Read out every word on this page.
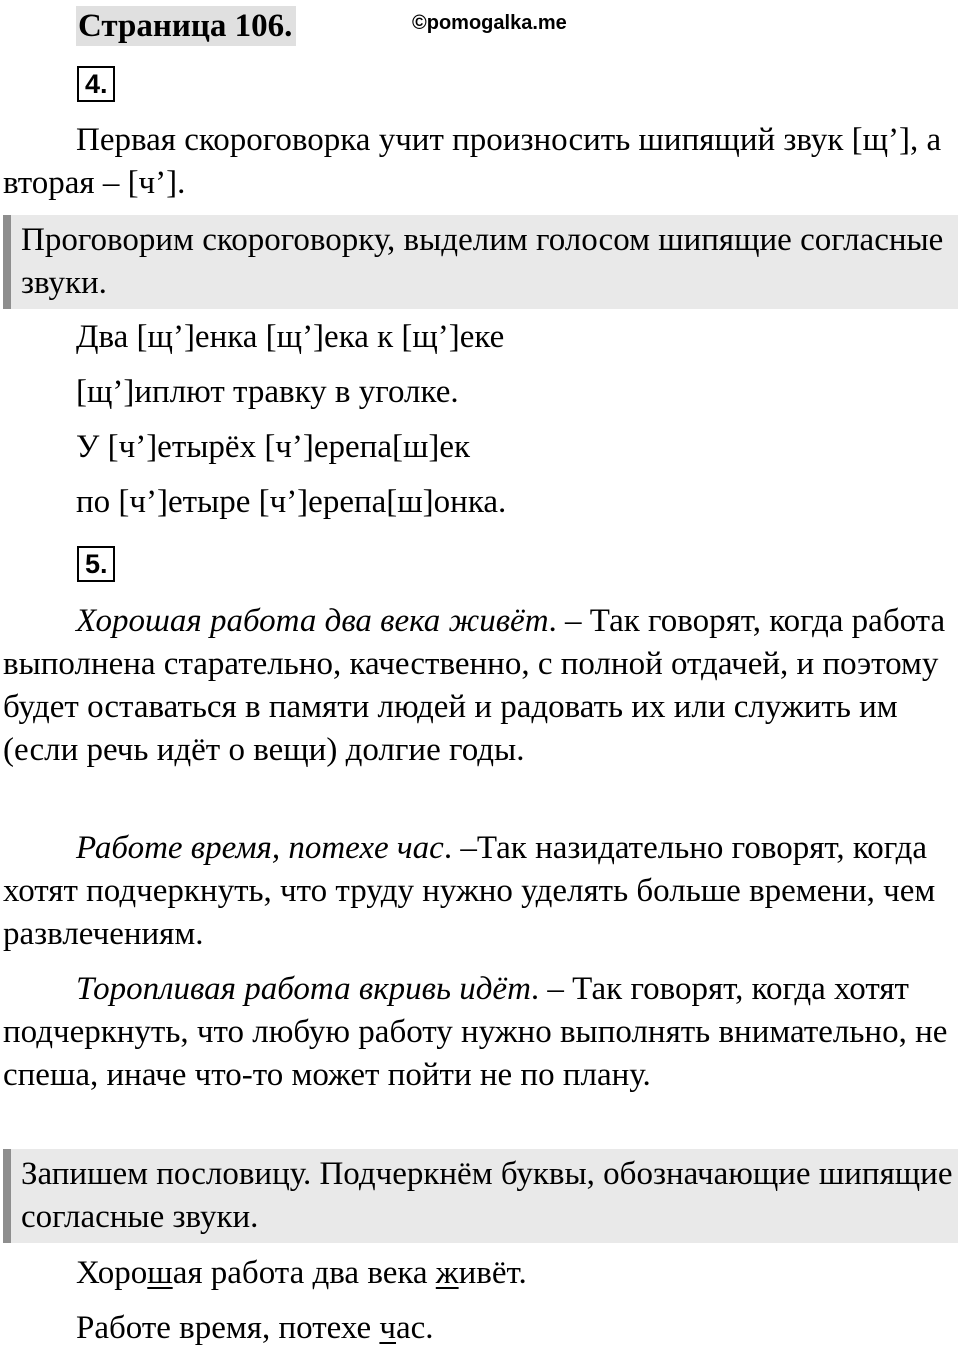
Страница 106.	©pomogalka.me
4.

Первая скороговорка учит произносить шипящий звук [щ’], а вторая – [ч’].

Проговорим скороговорку, выделим голосом шипящие согласные звуки.
Два [щ’]енка [щ’]ека к [щ’]еке
[щ’]иплют травку в уголке.
У [ч’]етырёх [ч’]ерепа[ш]ек
по [ч’]етыре [ч’]ерепа[ш]онка.
5.

Хорошая работа два века живёт. – Так говорят, когда работа выполнена старательно, качественно, с полной отдачей, и поэтому будет оставаться в памяти людей и радовать их или служить им (если речь идёт о вещи) долгие годы.

Работе время, потехе час. –Так назидательно говорят, когда хотят подчеркнуть, что труду нужно уделять больше времени, чем развлечениям.

Торопливая работа вкривь идёт. – Так говорят, когда хотят подчеркнуть, что любую работу нужно выполнять внимательно, не спеша, иначе что-то может пойти не по плану.

Запишем пословицу. Подчеркнём буквы, обозначающие шипящие согласные звуки.
Хорошая работа два века живёт.
Работе время, потехе час.
